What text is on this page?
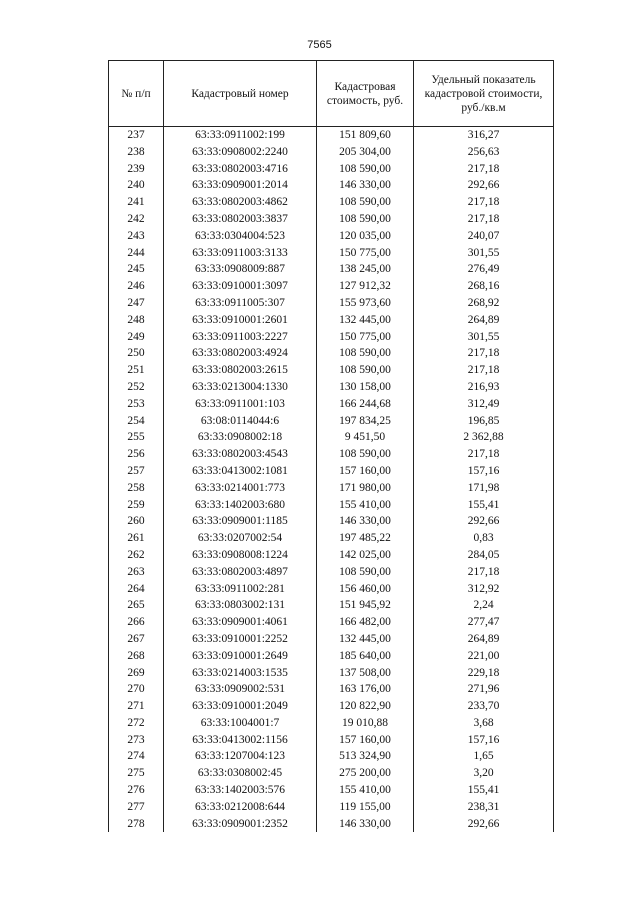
7565
№ п/п	Кадастровый номер	Кадастровая стоимость, руб.	Удельный показатель кадастровой стоимости, руб./кв.м
237	63:33:0911002:199	151 809,60	316,27
238	63:33:0908002:2240	205 304,00	256,63
239	63:33:0802003:4716	108 590,00	217,18
240	63:33:0909001:2014	146 330,00	292,66
241	63:33:0802003:4862	108 590,00	217,18
242	63:33:0802003:3837	108 590,00	217,18
243	63:33:0304004:523	120 035,00	240,07
244	63:33:0911003:3133	150 775,00	301,55
245	63:33:0908009:887	138 245,00	276,49
246	63:33:0910001:3097	127 912,32	268,16
247	63:33:0911005:307	155 973,60	268,92
248	63:33:0910001:2601	132 445,00	264,89
249	63:33:0911003:2227	150 775,00	301,55
250	63:33:0802003:4924	108 590,00	217,18
251	63:33:0802003:2615	108 590,00	217,18
252	63:33:0213004:1330	130 158,00	216,93
253	63:33:0911001:103	166 244,68	312,49
254	63:08:0114044:6	197 834,25	196,85
255	63:33:0908002:18	9 451,50	2 362,88
256	63:33:0802003:4543	108 590,00	217,18
257	63:33:0413002:1081	157 160,00	157,16
258	63:33:0214001:773	171 980,00	171,98
259	63:33:1402003:680	155 410,00	155,41
260	63:33:0909001:1185	146 330,00	292,66
261	63:33:0207002:54	197 485,22	0,83
262	63:33:0908008:1224	142 025,00	284,05
263	63:33:0802003:4897	108 590,00	217,18
264	63:33:0911002:281	156 460,00	312,92
265	63:33:0803002:131	151 945,92	2,24
266	63:33:0909001:4061	166 482,00	277,47
267	63:33:0910001:2252	132 445,00	264,89
268	63:33:0910001:2649	185 640,00	221,00
269	63:33:0214003:1535	137 508,00	229,18
270	63:33:0909002:531	163 176,00	271,96
271	63:33:0910001:2049	120 822,90	233,70
272	63:33:1004001:7	19 010,88	3,68
273	63:33:0413002:1156	157 160,00	157,16
274	63:33:1207004:123	513 324,90	1,65
275	63:33:0308002:45	275 200,00	3,20
276	63:33:1402003:576	155 410,00	155,41
277	63:33:0212008:644	119 155,00	238,31
278	63:33:0909001:2352	146 330,00	292,66
